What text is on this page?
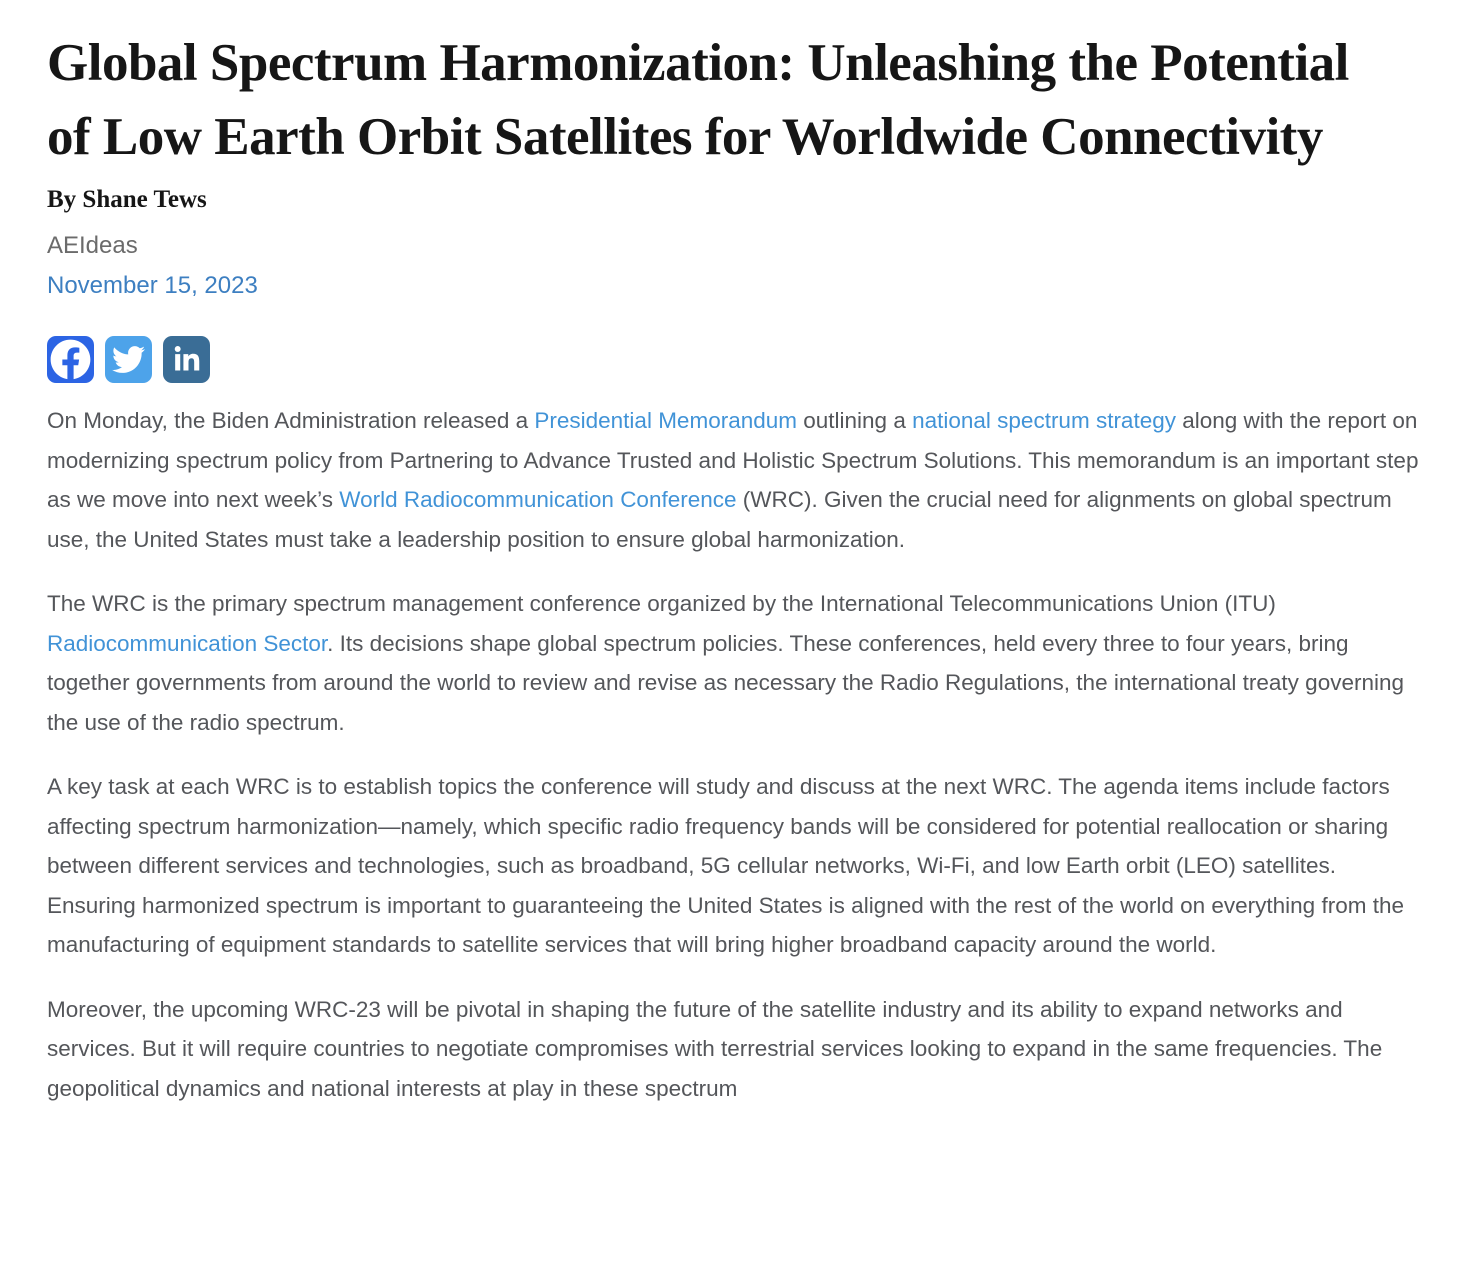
Global Spectrum Harmonization: Unleashing the Potential of Low Earth Orbit Satellites for Worldwide Connectivity
By Shane Tews
AEIdeas
November 15, 2023

On Monday, the Biden Administration released a Presidential Memorandum outlining a national spectrum strategy along with the report on modernizing spectrum policy from Partnering to Advance Trusted and Holistic Spectrum Solutions. This memorandum is an important step as we move into next week’s World Radiocommunication Conference (WRC). Given the crucial need for alignments on global spectrum use, the United States must take a leadership position to ensure global harmonization.

The WRC is the primary spectrum management conference organized by the International Telecommunications Union (ITU) Radiocommunication Sector. Its decisions shape global spectrum policies. These conferences, held every three to four years, bring together governments from around the world to review and revise as necessary the Radio Regulations, the international treaty governing the use of the radio spectrum.

A key task at each WRC is to establish topics the conference will study and discuss at the next WRC. The agenda items include factors affecting spectrum harmonization—namely, which specific radio frequency bands will be considered for potential reallocation or sharing between different services and technologies, such as broadband, 5G cellular networks, Wi-Fi, and low Earth orbit (LEO) satellites. Ensuring harmonized spectrum is important to guaranteeing the United States is aligned with the rest of the world on everything from the manufacturing of equipment standards to satellite services that will bring higher broadband capacity around the world.

Moreover, the upcoming WRC-23 will be pivotal in shaping the future of the satellite industry and its ability to expand networks and services. But it will require countries to negotiate compromises with terrestrial services looking to expand in the same frequencies. The geopolitical dynamics and national interests at play in these spectrum
